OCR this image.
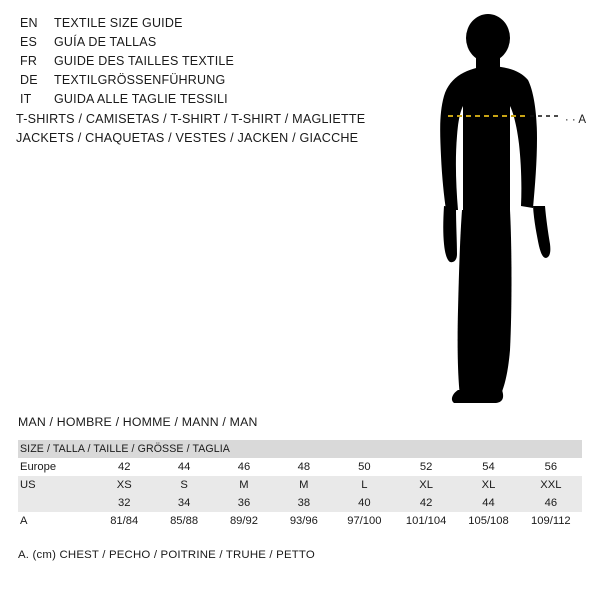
EN	TEXTILE SIZE GUIDE
ES	GUÍA DE TALLAS
FR	GUIDE DES TAILLES TEXTILE
DE	TEXTILGRÖSSENFÜHRUNG
IT	GUIDA ALLE TAGLIE TESSILI
T-SHIRTS / CAMISETAS / T-SHIRT / T-SHIRT / MAGLIETTE
JACKETS / CHAQUETAS / VESTES / JACKEN / GIACCHE
· · A
MAN / HOMBRE / HOMME / MANN / MAN
SIZE / TALLA / TAILLE / GRÖSSE / TAGLIA								
Europe	42	44	46	48	50	52	54	56
US	XS	S	M	M	L	XL	XL	XXL
	32	34	36	38	40	42	44	46
A	81/84	85/88	89/92	93/96	97/100	101/104	105/108	109/112
A. (cm) CHEST / PECHO / POITRINE / TRUHE / PETTO
